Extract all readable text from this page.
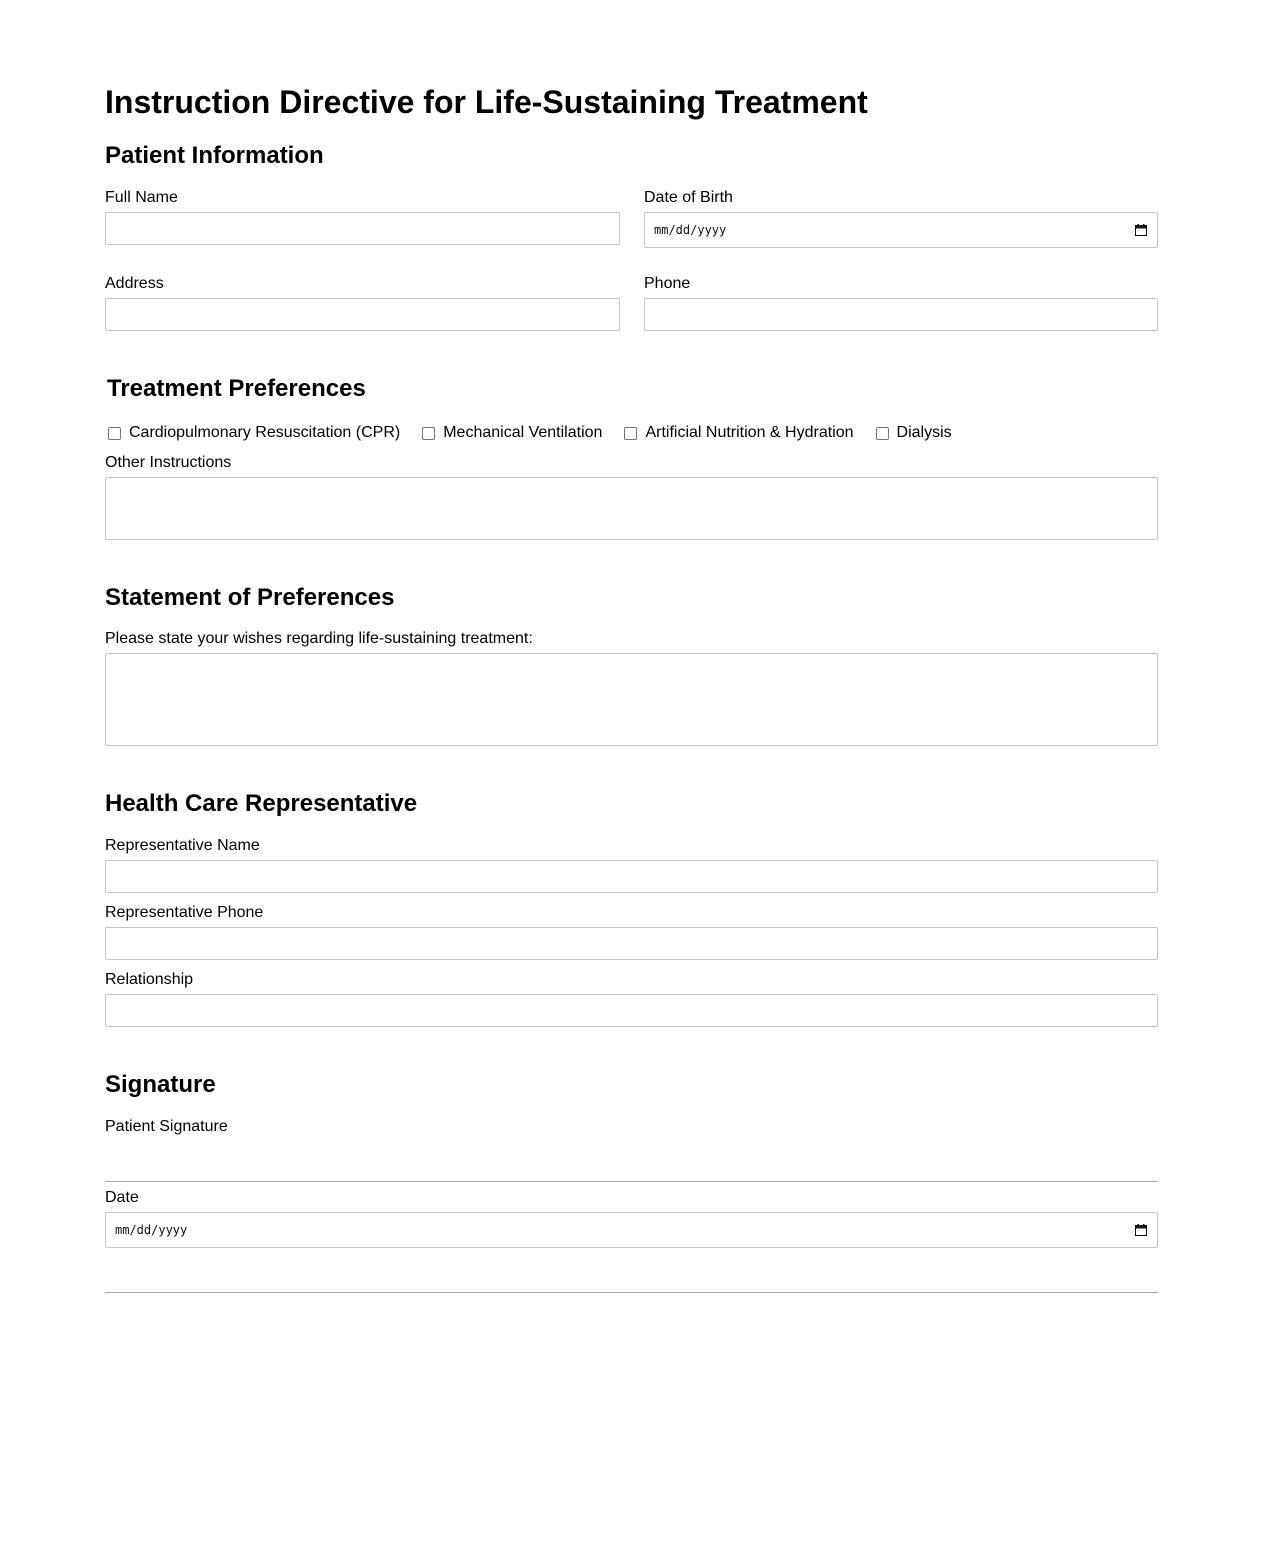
Instruction Directive for Life-Sustaining Treatment
Patient Information
Full Name	Date of Birth
mm/dd/yyyy
Address	Phone
Treatment Preferences
Cardiopulmonary Resuscitation (CPR)	Mechanical Ventilation	Artificial Nutrition & Hydration	Dialysis
Other Instructions
Statement of Preferences
Please state your wishes regarding life-sustaining treatment:
Health Care Representative
Representative Name
Representative Phone
Relationship
Signature
Patient Signature
Date
mm/dd/yyyy
